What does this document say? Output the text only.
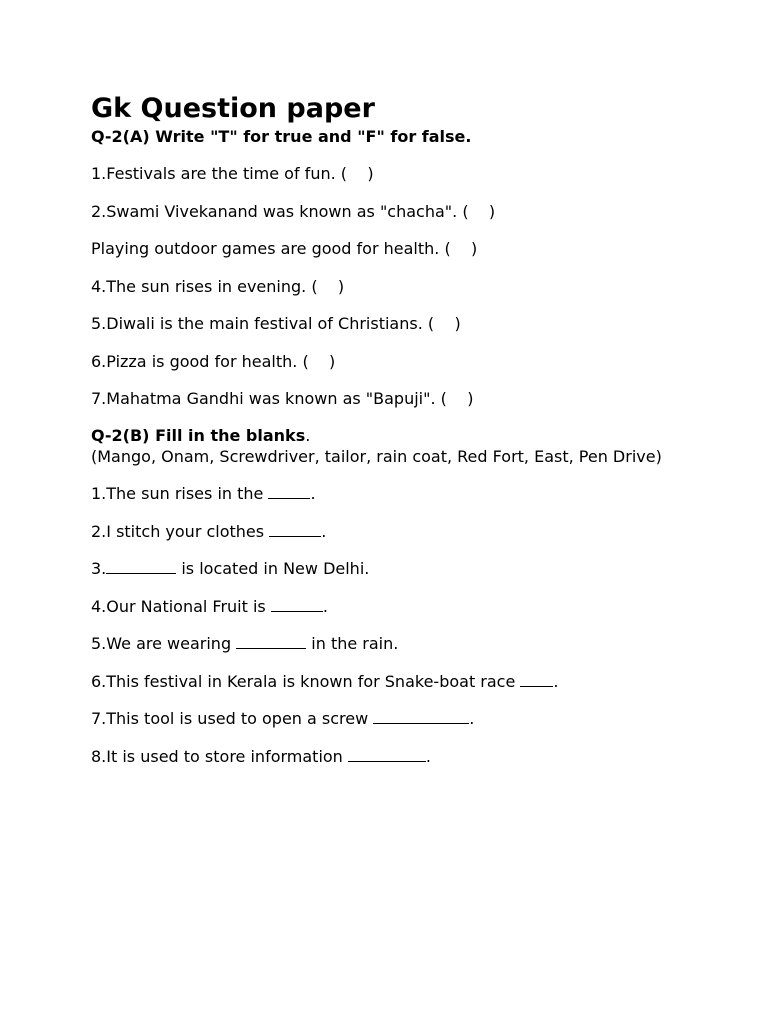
Gk Question paper

Q-2(A) Write "T" for true and "F" for false.

1.Festivals are the time of fun. (    )

2.Swami Vivekanand was known as "chacha". (    )

Playing outdoor games are good for health. (    )

4.The sun rises in evening. (    )

5.Diwali is the main festival of Christians. (    )

6.Pizza is good for health. (    )

7.Mahatma Gandhi was known as "Bapuji". (    )

Q-2(B) Fill in the blanks.

(Mango, Onam, Screwdriver, tailor, rain coat, Red Fort, East, Pen Drive)

1.The sun rises in the	.

2.I stitch your clothes	.

3.	is located in New Delhi.

4.Our National Fruit is	.

5.We are wearing	in the rain.

6.This festival in Kerala is known for Snake-boat race .

7.This tool is used to open a screw	.

8.It is used to store information	.
